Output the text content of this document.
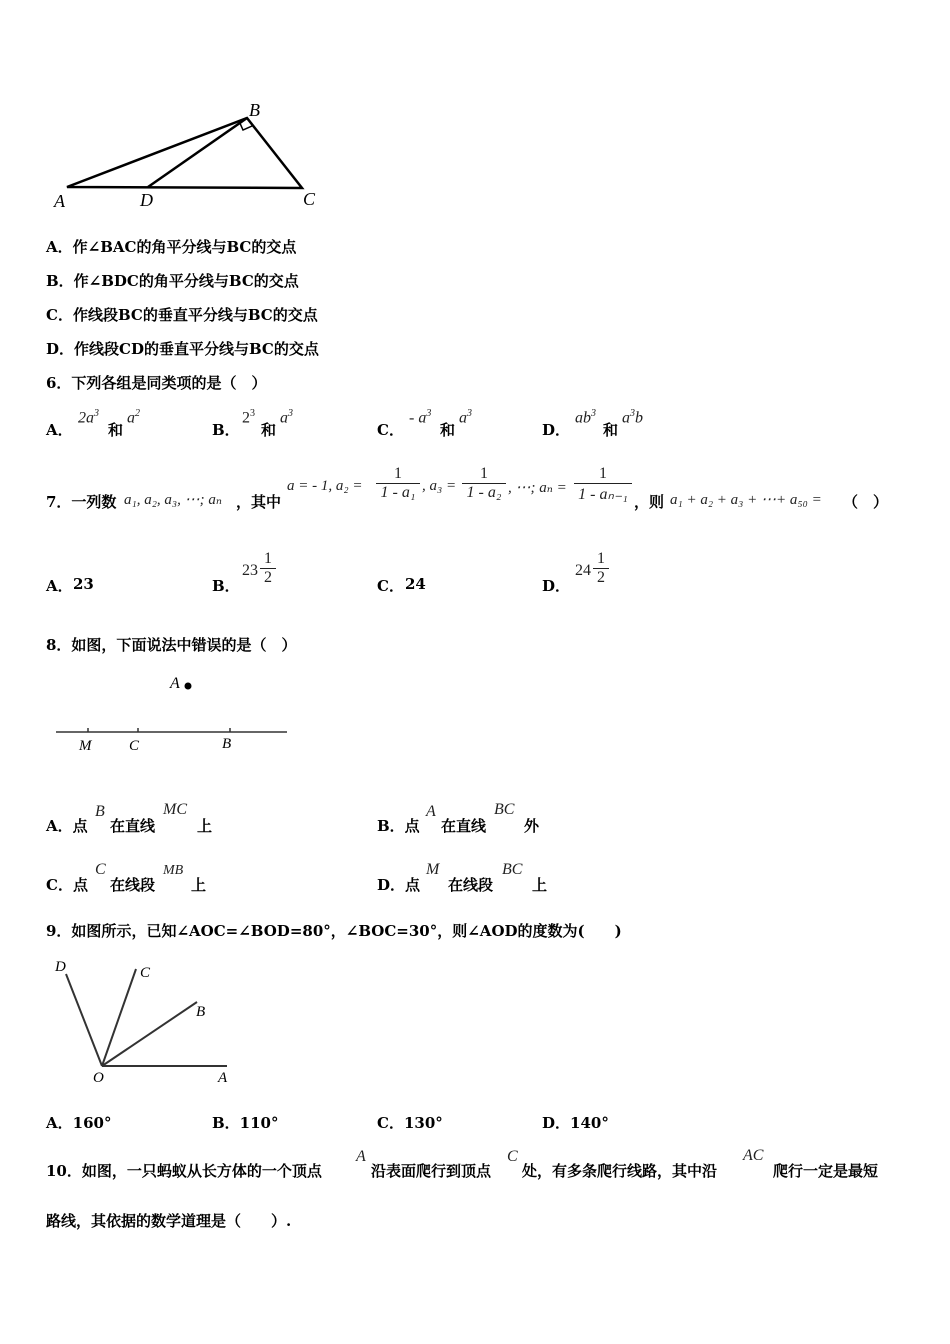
B
A	D	C
A．作∠BAC的角平分线与BC的交点
B．作∠BDC的角平分线与BC的交点
C．作线段BC的垂直平分线与BC的交点
D．作线段CD的垂直平分线与BC的交点
6．下列各组是同类项的是（　）
A．
$2a^3$
和
$a^2$
B．
$2^3$
和
$a^3$
C．
- $a^3$
和
$a^3$
D．
$ab^3$
和
$a^3b$
7．一列数 a₁, a₂, a₃, ⋯; aₙ ，其中
a = - 1, $a_2 = \frac{1}{\text{1 - a₁}}$ , $a_3 = \frac{1}{\text{1 - a₂}}$ , ⋯; $a_n = \frac{1}{\text{1 - aₙ₋₁}}$ ，则 a₁ + a₂ + a₃ + ⋯+ a₅₀ = （　）
A． 23	B．
$23 \frac{1}{2}$	C． 24	D．
$24 \frac{1}{2}$
8．如图，下面说法中错误的是（　）
A
M	C	B
A．点
B
在直线
MC
上	B．点
A
在直线
BC
外
C．点
C
在线段
MB
上	D．点
M
在线段
BC
上
9．如图所示，已知∠AOC=∠BOD=80°，∠BOC=30°，则∠AOD的度数为(　　)
D	C
B
O	A
A．160°	B．110°	C．130°	D．140°
10．如图，一只蚂蚁从长方体的一个顶点
A
沿表面爬行到顶点
C
处，有多条爬行线路，其中沿
AC
爬行一定是最短
路线，其依据的数学道理是（　　）.
